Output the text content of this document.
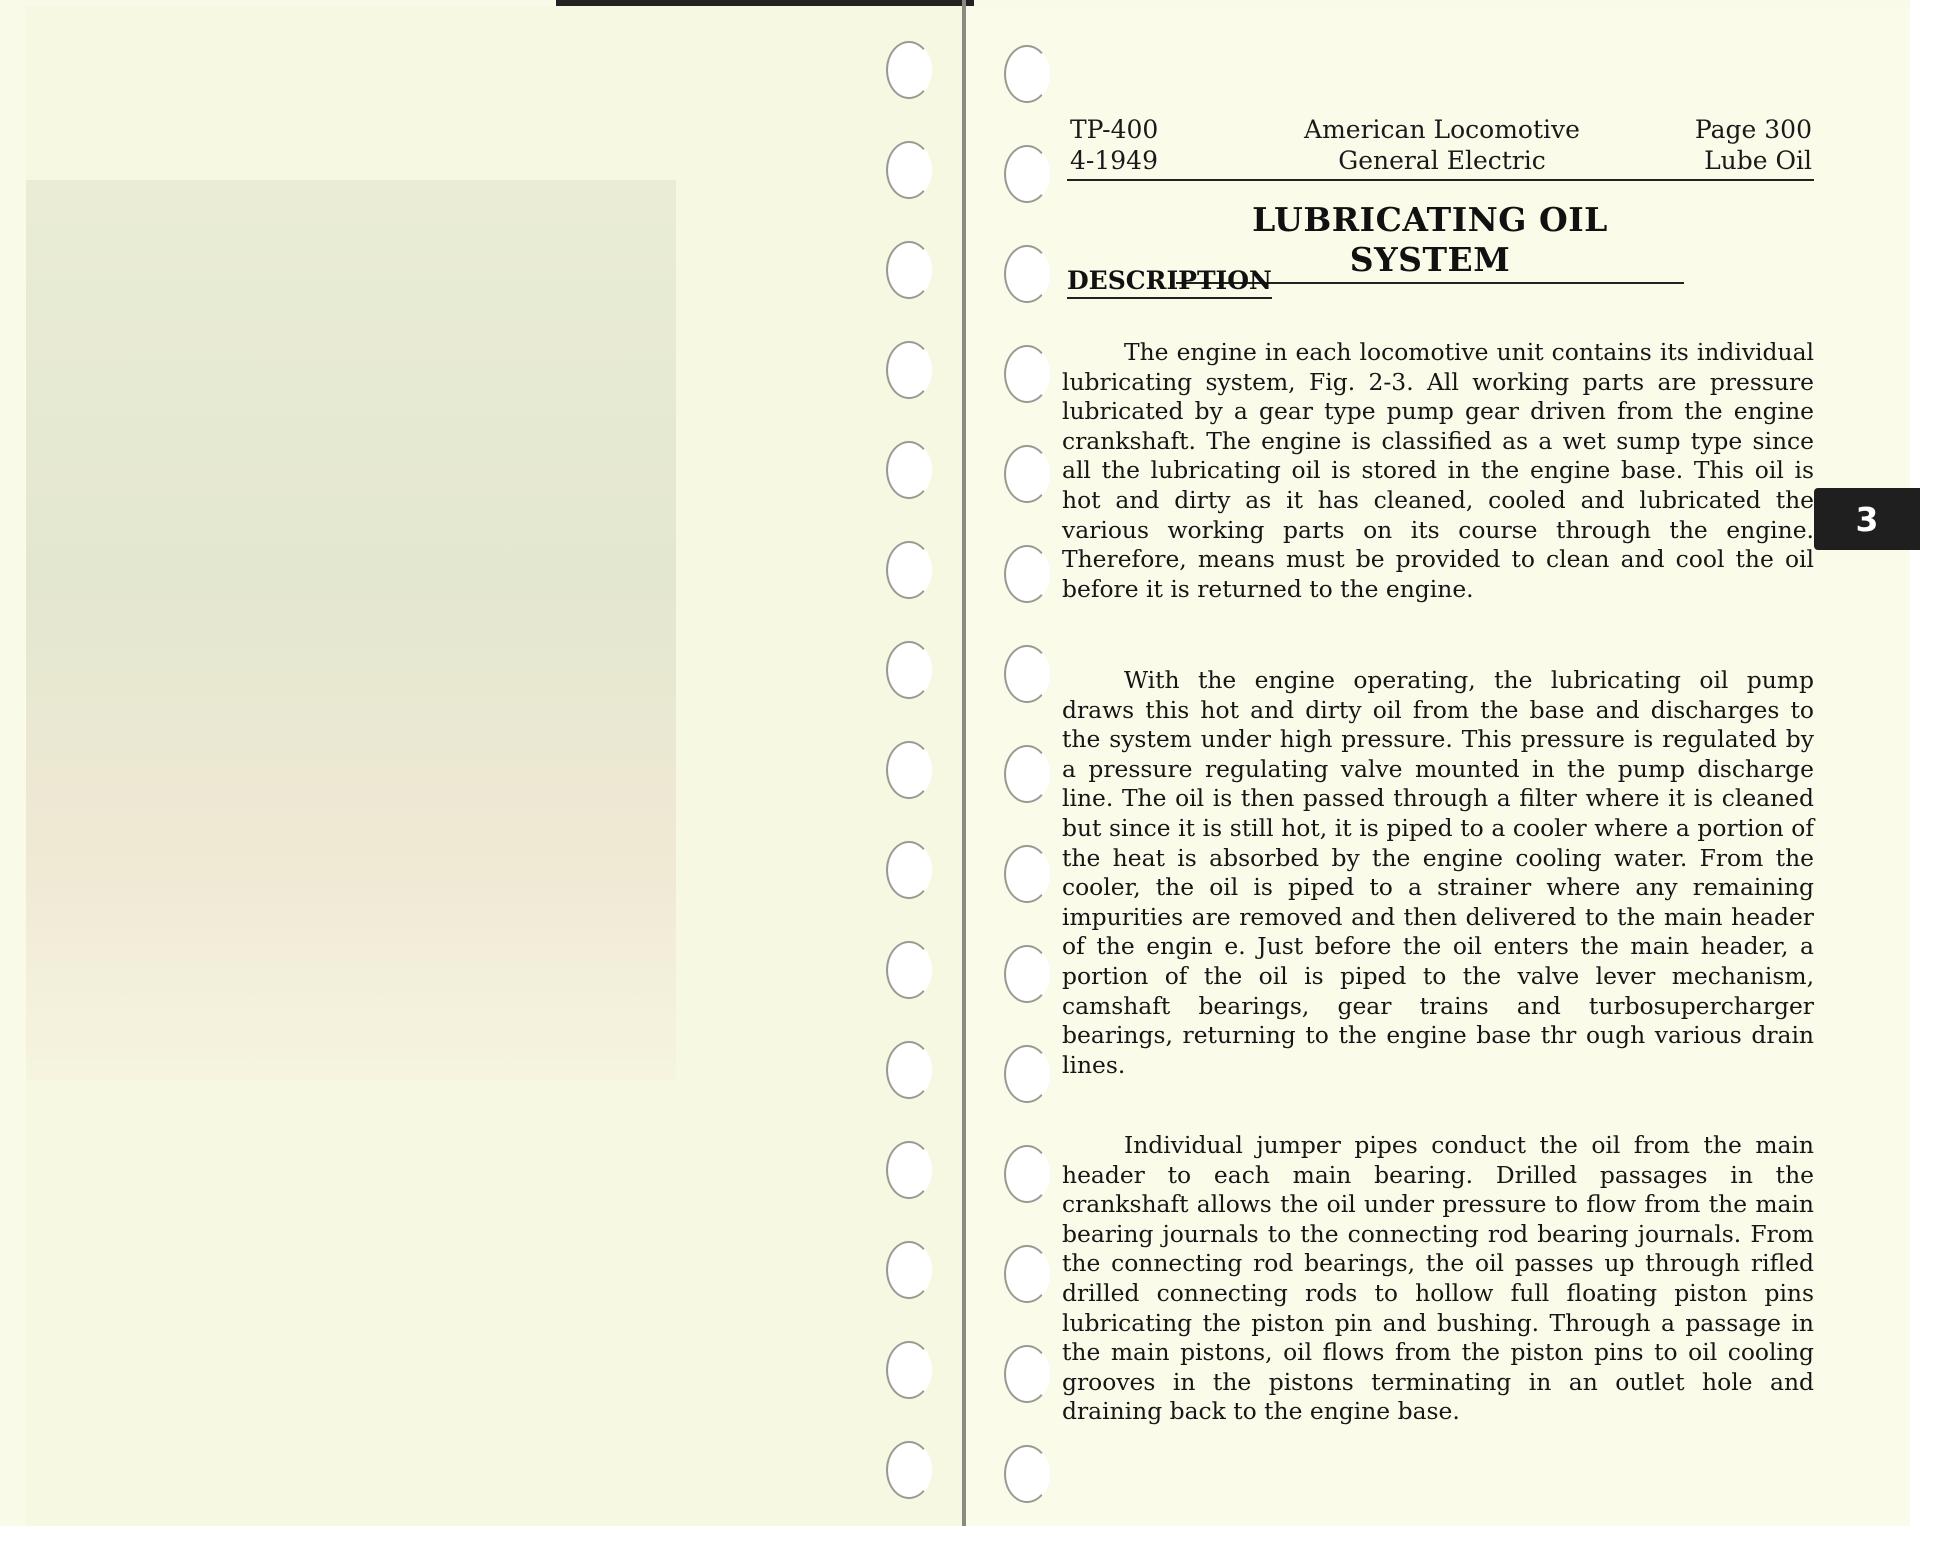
TP-400
4-1949
American Locomotive
General Electric
Page 300
Lube Oil
LUBRICATING OIL SYSTEM
DESCRIPTION

The engine in each locomotive unit contains its individual lubricating system, Fig. 2-3. All working parts are pressure lubricated by a gear type pump gear driven from the engine crankshaft. The engine is classified as a wet sump type since all the lubricating oil is stored in the engine base. This oil is hot and dirty as it has cleaned, cooled and lubricated the various working parts on its course through the engine. Therefore, means must be provided to clean and cool the oil before it is returned to the engine.

With the engine operating, the lubricating oil pump draws this hot and dirty oil from the base and discharges to the system under high pressure. This pressure is regulated by a pressure regulating valve mounted in the pump discharge line. The oil is then passed through a filter where it is cleaned but since it is still hot, it is piped to a cooler where a portion of the heat is absorbed by the engine cooling water. From the cooler, the oil is piped to a strainer where any remaining impurities are removed and then delivered to the main header of the engin e. Just before the oil enters the main header, a portion of the oil is piped to the valve lever mechanism, camshaft bearings, gear trains and turbosupercharger bearings, returning to the engine base thr ough various drain lines.

Individual jumper pipes conduct the oil from the main header to each main bearing. Drilled passages in the crankshaft allows the oil under pressure to flow from the main bearing journals to the connecting rod bearing journals. From the connecting rod bearings, the oil passes up through rifled drilled connecting rods to hollow full floating piston pins lubricating the piston pin and bushing. Through a passage in the main pistons, oil flows from the piston pins to oil cooling grooves in the pistons terminating in an outlet hole and draining back to the engine base.

3
